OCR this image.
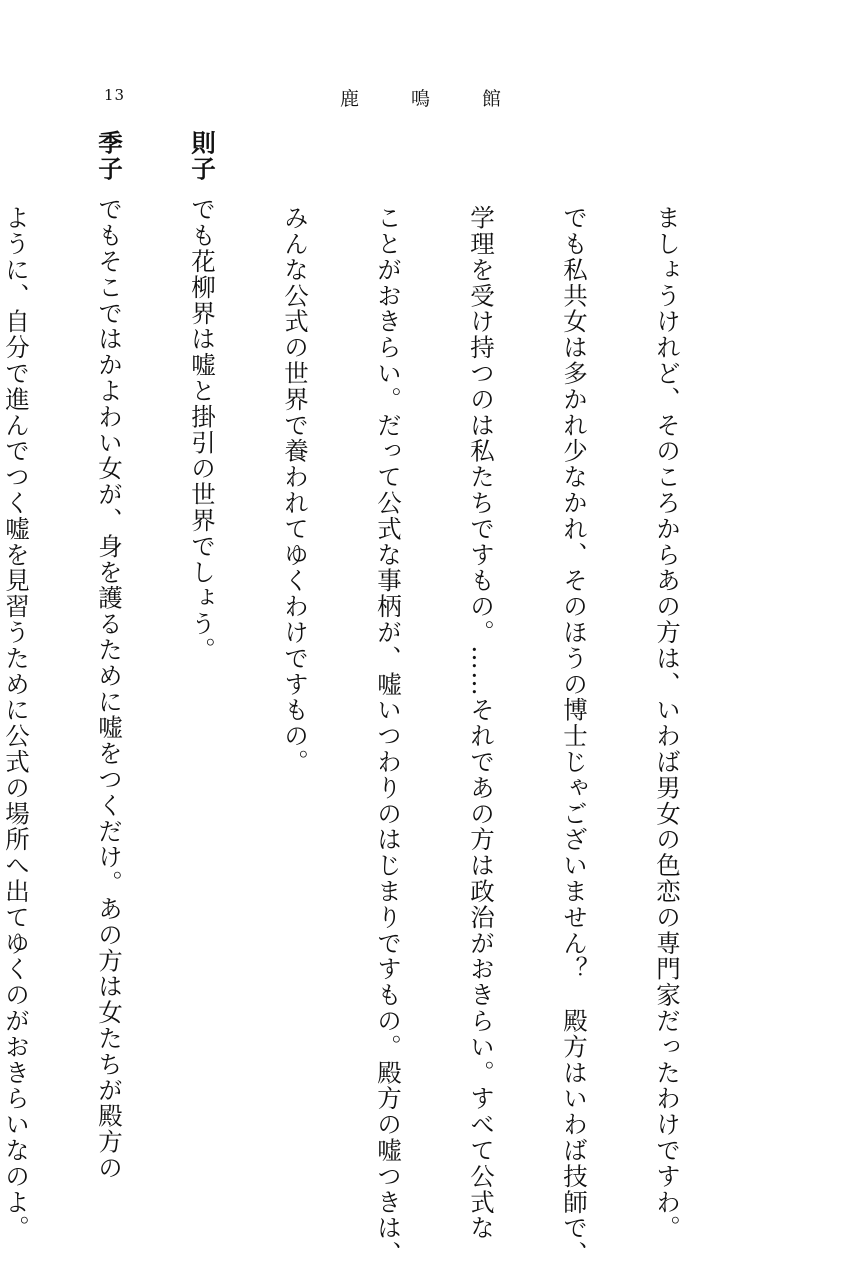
13	鹿鳴館

ましょうけれど、そのころからあの方は、いわば男女の色恋の専門家だったわけですわ。

でも私共女は多かれ少なかれ、そのほうの博士じゃございません？　殿方はいわば技師で、

学理を受け持つのは私たちですもの。……それであの方は政治がおきらい。すべて公式な

ことがおきらい。だって公式な事柄が、嘘いつわりのはじまりですもの。殿方の嘘つきは、

みんな公式の世界で養われてゆくわけですもの。

則子でも花柳界は嘘と掛引の世界でしょう。

季子でもそこではかよわい女が、身を護るために嘘をつくだけ。あの方は女たちが殿方の

ように、自分で進んでつく嘘を見習うために公式の場所へ出てゆくのがおきらいなのよ。
